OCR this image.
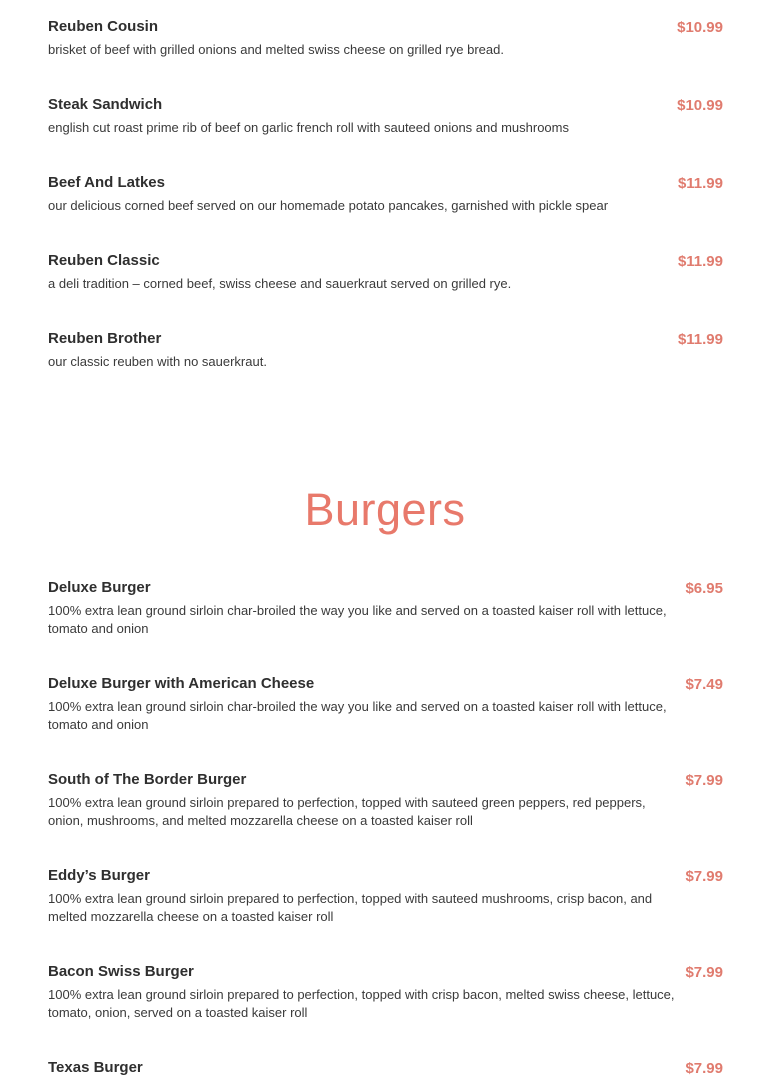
Reuben Cousin	$10.99
brisket of beef with grilled onions and melted swiss cheese on grilled rye bread.
Steak Sandwich	$10.99
english cut roast prime rib of beef on garlic french roll with sauteed onions and mushrooms
Beef And Latkes	$11.99
our delicious corned beef served on our homemade potato pancakes, garnished with pickle spear
Reuben Classic	$11.99
a deli tradition – corned beef, swiss cheese and sauerkraut served on grilled rye.
Reuben Brother	$11.99
our classic reuben with no sauerkraut.
Burgers
Deluxe Burger	$6.95
100% extra lean ground sirloin char-broiled the way you like and served on a toasted kaiser roll with lettuce, tomato and onion
Deluxe Burger with American Cheese	$7.49
100% extra lean ground sirloin char-broiled the way you like and served on a toasted kaiser roll with lettuce, tomato and onion
South of The Border Burger	$7.99
100% extra lean ground sirloin prepared to perfection, topped with sauteed green peppers, red peppers, onion, mushrooms, and melted mozzarella cheese on a toasted kaiser roll
Eddy’s Burger	$7.99
100% extra lean ground sirloin prepared to perfection, topped with sauteed mushrooms, crisp bacon, and melted mozzarella cheese on a toasted kaiser roll
Bacon Swiss Burger	$7.99
100% extra lean ground sirloin prepared to perfection, topped with crisp bacon, melted swiss cheese, lettuce, tomato, onion, served on a toasted kaiser roll
Texas Burger	$7.99
